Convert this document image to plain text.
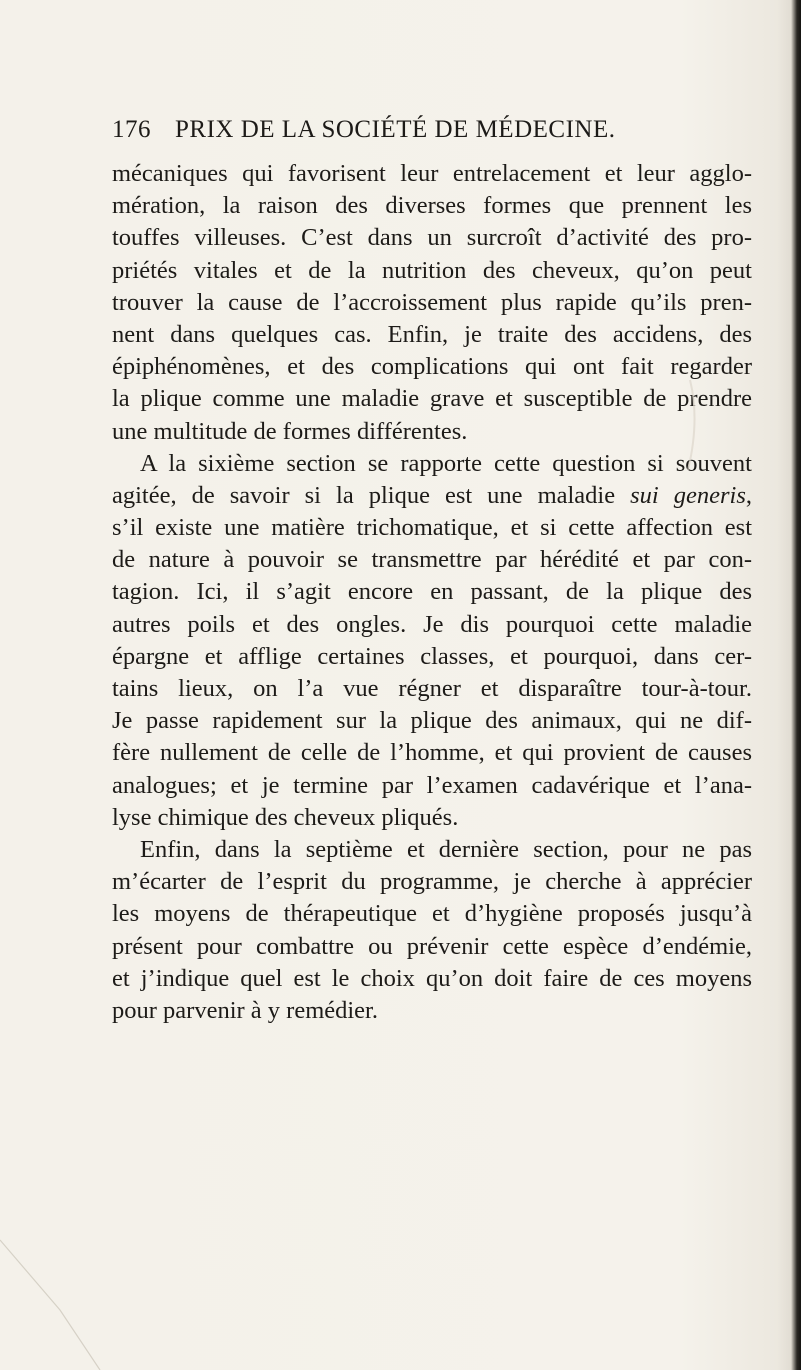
176 PRIX DE LA SOCIÉTÉ DE MÉDECINE.
mécaniques qui favorisent leur entrelacement et leur agglo-
mération, la raison des diverses formes que prennent les
touffes villeuses. C’est dans un surcroît d’activité des pro-
priétés vitales et de la nutrition des cheveux, qu’on peut
trouver la cause de l’accroissement plus rapide qu’ils pren-
nent dans quelques cas. Enfin, je traite des accidens, des
épiphénomènes, et des complications qui ont fait regarder
la plique comme une maladie grave et susceptible de prendre
une multitude de formes différentes.
A la sixième section se rapporte cette question si souvent
agitée, de savoir si la plique est une maladie sui generis,
s’il existe une matière trichomatique, et si cette affection est
de nature à pouvoir se transmettre par hérédité et par con-
tagion. Ici, il s’agit encore en passant, de la plique des
autres poils et des ongles. Je dis pourquoi cette maladie
épargne et afflige certaines classes, et pourquoi, dans cer-
tains lieux, on l’a vue régner et disparaître tour-à-tour.
Je passe rapidement sur la plique des animaux, qui ne dif-
fère nullement de celle de l’homme, et qui provient de causes
analogues; et je termine par l’examen cadavérique et l’ana-
lyse chimique des cheveux pliqués.
Enfin, dans la septième et dernière section, pour ne pas
m’écarter de l’esprit du programme, je cherche à apprécier
les moyens de thérapeutique et d’hygiène proposés jusqu’à
présent pour combattre ou prévenir cette espèce d’endémie,
et j’indique quel est le choix qu’on doit faire de ces moyens
pour parvenir à y remédier.
